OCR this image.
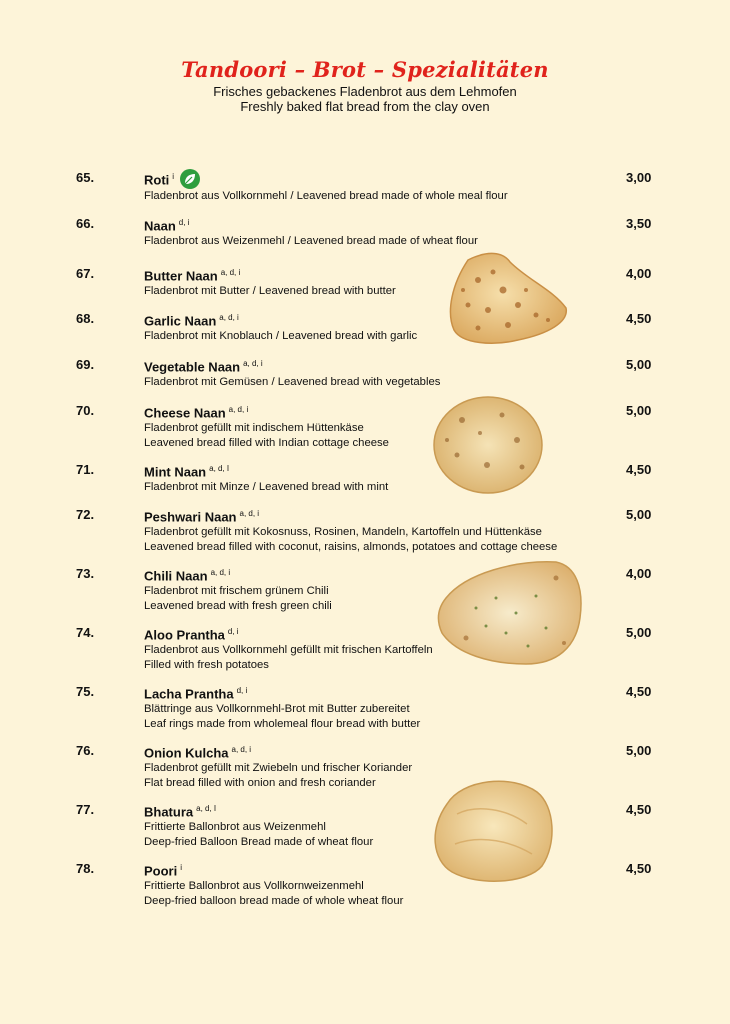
Tandoori – Brot – Spezialitäten

Frisches gebackenes Fladenbrot aus dem Lehmofen

Freshly baked flat bread from the clay oven

65.	Roti $^i$
Fladenbrot aus Vollkornmehl / Leavened bread made of whole meal flour
3,00
66.	Naan $^{d, i}$
Fladenbrot aus Weizenmehl / Leavened bread made of wheat flour
3,50
67.	Butter Naan $^{a, d, i}$
Fladenbrot mit Butter / Leavened bread with butter
4,00
68.	Garlic Naan $^{a, d, i}$
Fladenbrot mit Knoblauch / Leavened bread with garlic
4,50
69.	Vegetable Naan $^{a, d, i}$
Fladenbrot mit Gemüsen / Leavened bread with vegetables
5,00
70.	Cheese Naan $^{a, d, i}$
Fladenbrot gefüllt mit indischem Hüttenkäse
Leavened bread filled with Indian cottage cheese
5,00
71.	Mint Naan $^{a, d, I}$
Fladenbrot mit Minze / Leavened bread with mint
4,50
72.	Peshwari Naan $^{a, d, i}$
Fladenbrot gefüllt mit Kokosnuss, Rosinen, Mandeln, Kartoffeln und Hüttenkäse
Leavened bread filled with coconut, raisins, almonds, potatoes and cottage cheese
5,00
73.	Chili Naan $^{a, d, i}$
Fladenbrot mit frischem grünem Chili
Leavened bread with fresh green chili
4,00
74.	Aloo Prantha $^{d, i}$
Fladenbrot aus Vollkornmehl gefüllt mit frischen Kartoffeln
Filled with fresh potatoes
5,00
75.	Lacha Prantha $^{d, i}$
Blättringe aus Vollkornmehl-Brot mit Butter zubereitet
Leaf rings made from wholemeal flour bread with butter
4,50
76.	Onion Kulcha $^{a, d, i}$
Fladenbrot gefüllt mit Zwiebeln und frischer Koriander
Flat bread filled with onion and fresh coriander
5,00
77.	Bhatura $^{a, d, I}$
Frittierte Ballonbrot aus Weizenmehl
Deep-fried Balloon Bread made of wheat flour
4,50
78.	Poori $^i$
Frittierte Ballonbrot aus Vollkornweizenmehl
Deep-fried balloon bread made of whole wheat flour
4,50
